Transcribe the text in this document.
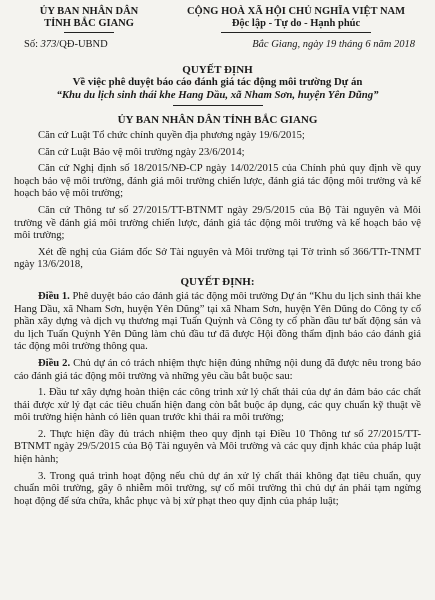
ỦY BAN NHÂN DÂN
TỈNH BẮC GIANG
CỘNG HOÀ XÃ HỘI CHỦ NGHĨA VIỆT NAM
Độc lập - Tự do - Hạnh phúc
Số: 373/QĐ-UBND	Bắc Giang, ngày 19 tháng 6 năm 2018
QUYẾT ĐỊNH
Về việc phê duyệt báo cáo đánh giá tác động môi trường Dự án
“Khu du lịch sinh thái khe Hang Dầu, xã Nham Sơn, huyện Yên Dũng”
ỦY BAN NHÂN DÂN TỈNH BẮC GIANG

Căn cứ Luật Tổ chức chính quyền địa phương ngày 19/6/2015;

Căn cứ Luật Bảo vệ môi trường ngày 23/6/2014;

Căn cứ Nghị định số 18/2015/NĐ-CP ngày 14/02/2015 của Chính phủ quy định về quy hoạch bảo vệ môi trường, đánh giá môi trường chiến lược, đánh giá tác động môi trường và kế hoạch bảo vệ môi trường;

Căn cứ Thông tư số 27/2015/TT-BTNMT ngày 29/5/2015 của Bộ Tài nguyên và Môi trường về đánh giá môi trường chiến lược, đánh giá tác động môi trường và kế hoạch bảo vệ môi trường;

Xét đề nghị của Giám đốc Sở Tài nguyên và Môi trường tại Tờ trình số 366/TTr-TNMT ngày 13/6/2018,

QUYẾT ĐỊNH:

Điều 1. Phê duyệt báo cáo đánh giá tác động môi trường Dự án “Khu du lịch sinh thái khe Hang Dầu, xã Nham Sơn, huyện Yên Dũng” tại xã Nham Sơn, huyện Yên Dũng do Công ty cổ phần xây dựng và dịch vụ thương mại Tuấn Quỳnh và Công ty cổ phần đầu tư bất động sản và du lịch Tuấn Quỳnh Yên Dũng làm chủ đầu tư đã được Hội đồng thẩm định báo cáo đánh giá tác động môi trường thông qua.

Điều 2. Chủ dự án có trách nhiệm thực hiện đúng những nội dung đã được nêu trong báo cáo đánh giá tác động môi trường và những yêu cầu bắt buộc sau:

1. Đầu tư xây dựng hoàn thiện các công trình xử lý chất thải của dự án đảm bảo các chất thải được xử lý đạt các tiêu chuẩn hiện đang còn bắt buộc áp dụng, các quy chuẩn kỹ thuật về môi trường hiện hành có liên quan trước khi thải ra môi trường;

2. Thực hiện đầy đủ trách nhiệm theo quy định tại Điều 10 Thông tư số 27/2015/TT-BTNMT ngày 29/5/2015 của Bộ Tài nguyên và Môi trường và các quy định khác của pháp luật hiện hành;

3. Trong quá trình hoạt động nếu chủ dự án xử lý chất thải không đạt tiêu chuẩn, quy chuẩn môi trường, gây ô nhiễm môi trường, sự cố môi trường thì chủ dự án phải tạm ngừng hoạt động để sửa chữa, khắc phục và bị xử phạt theo quy định của pháp luật;
